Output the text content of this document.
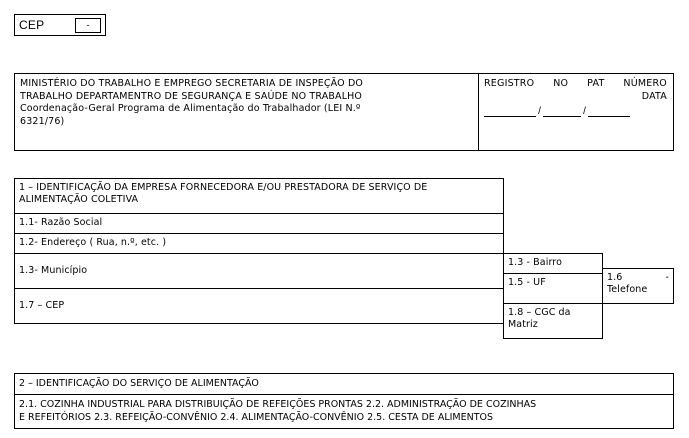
CEP	-
MINISTÉRIO DO TRABALHO E EMPREGO SECRETARIA DE INSPEÇÃO DO
TRABALHO DEPARTAMENTRO DE SEGURANÇA E SAÚDE NO TRABALHO
Coordenação-Geral Programa de Alimentação do Trabalhador (LEI N.º
6321/76)
REGISTRO NO PAT NÚMERO
DATA
/	/
1 – IDENTIFICAÇÃO DA EMPRESA FORNECEDORA E/OU PRESTADORA DE SERVIÇO DE ALIMENTAÇÃO COLETIVA
1.1- Razão Social
1.2- Endereço ( Rua, n.º, etc. )
1.3- Município
1.7 – CEP
1.3 - Bairro
1.5 - UF	1.6	-
Telefone
1.8 – CGC da
Matriz
2 – IDENTIFICAÇÃO DO SERVIÇO DE ALIMENTAÇÃO
2.1. COZINHA INDUSTRIAL PARA DISTRIBUIÇÃO DE REFEIÇÕES PRONTAS 2.2. ADMINISTRAÇÃO DE COZINHAS
E REFEITÓRIOS 2.3. REFEIÇÃO-CONVÊNIO 2.4. ALIMENTAÇÃO-CONVÊNIO 2.5. CESTA DE ALIMENTOS
